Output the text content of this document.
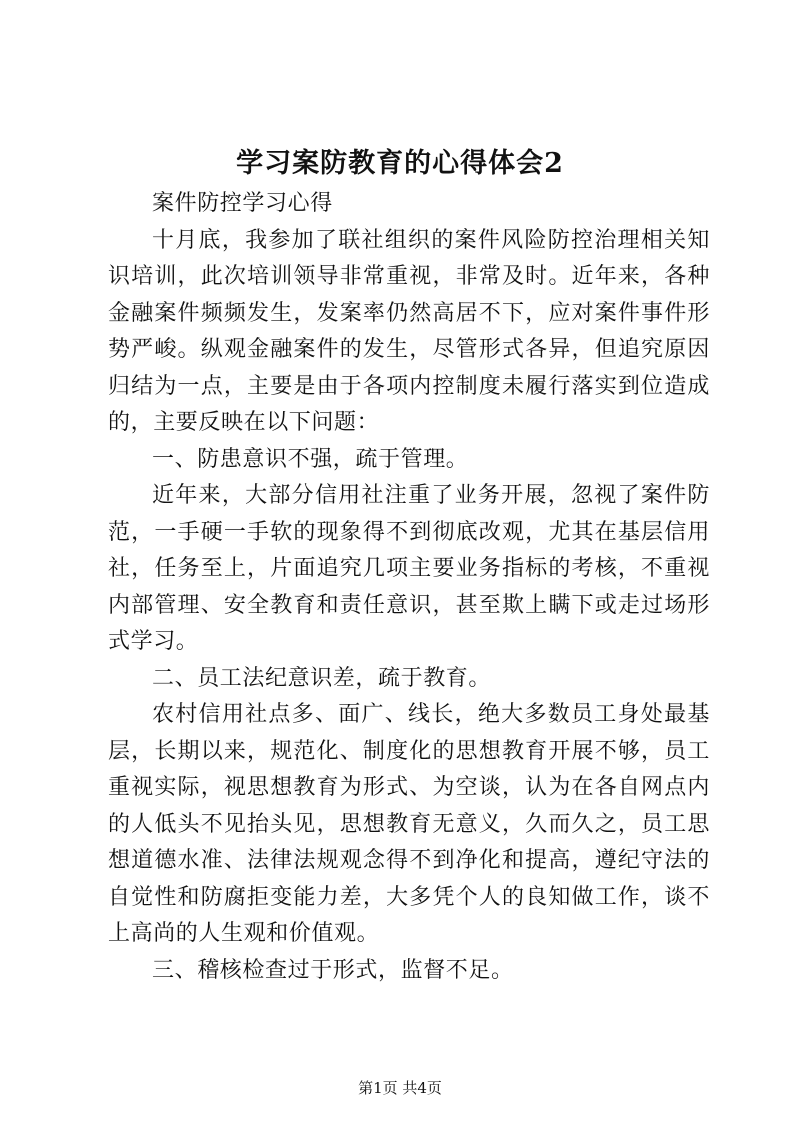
学习案防教育的心得体会2

案件防控学习心得

十月底，我参加了联社组织的案件风险防控治理相关知识培训，此次培训领导非常重视，非常及时。近年来，各种金融案件频频发生，发案率仍然高居不下，应对案件事件形势严峻。纵观金融案件的发生，尽管形式各异，但追究原因归结为一点，主要是由于各项内控制度未履行落实到位造成的，主要反映在以下问题：

一、防患意识不强，疏于管理。

近年来，大部分信用社注重了业务开展，忽视了案件防范，一手硬一手软的现象得不到彻底改观，尤其在基层信用社，任务至上，片面追究几项主要业务指标的考核，不重视内部管理、安全教育和责任意识，甚至欺上瞒下或走过场形式学习。

二、员工法纪意识差，疏于教育。

农村信用社点多、面广、线长，绝大多数员工身处最基层，长期以来，规范化、制度化的思想教育开展不够，员工重视实际，视思想教育为形式、为空谈，认为在各自网点内的人低头不见抬头见，思想教育无意义，久而久之，员工思想道德水准、法律法规观念得不到净化和提高，遵纪守法的自觉性和防腐拒变能力差，大多凭个人的良知做工作，谈不上高尚的人生观和价值观。

三、稽核检查过于形式，监督不足。

第1页 共4页
